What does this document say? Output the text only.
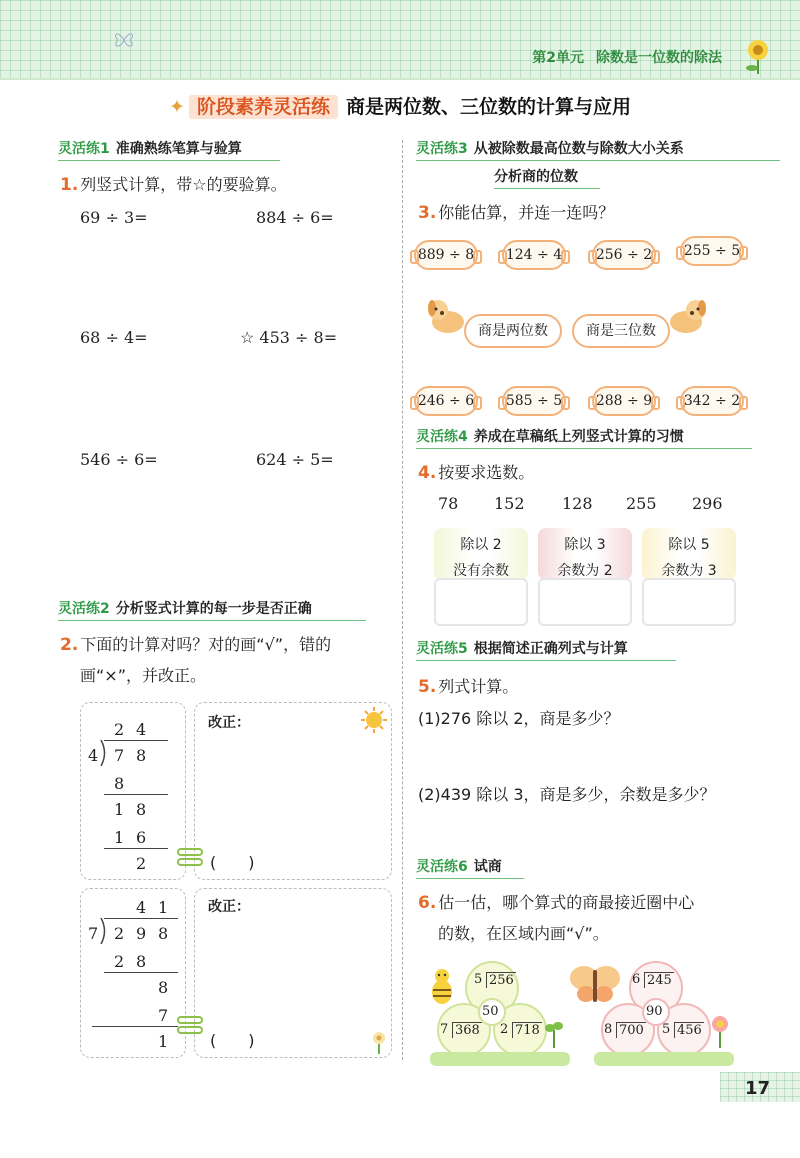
第2单元 除数是一位数的除法
✦ 阶段素养灵活练 商是两位数、三位数的计算与应用
灵活练1 准确熟练笔算与验算
1. 列竖式计算，带☆的要验算。
69 ÷ 3=	884 ÷ 6=
68 ÷ 4=	☆ 453 ÷ 8=
546 ÷ 6=	624 ÷ 5=
灵活练2 分析竖式计算的每一步是否正确
2. 下面的计算对吗？对的画“√”，错的
画“×”，并改正。
改正：
2 4
4 7 8
8
1 8
1 6
2	(　　)
改正：
4 1
7 2 9 8
2 8
8
7
1	(　　)
灵活练3 从被除数最高位数与除数大小关系
分析商的位数
3. 你能估算，并连一连吗？
889 ÷ 8 124 ÷ 4 256 ÷ 2 255 ÷ 5
商是两位数	商是三位数
246 ÷ 6 585 ÷ 5 288 ÷ 9 342 ÷ 2
灵活练4 养成在草稿纸上列竖式计算的习惯
4. 按要求选数。
78 152 128 255 296
除以 2
没有余数
除以 3
余数为 2
除以 5
余数为 3
灵活练5 根据简述正确列式与计算
5. 列式计算。
(1)276 除以 2，商是多少？
(2)439 除以 3，商是多少，余数是多少？
灵活练6 试商
6. 估一估，哪个算式的商最接近圈中心
的数，在区域内画“√”。
5 256
50
7 368 2 718
6 245
90
8 700 5 456
17
